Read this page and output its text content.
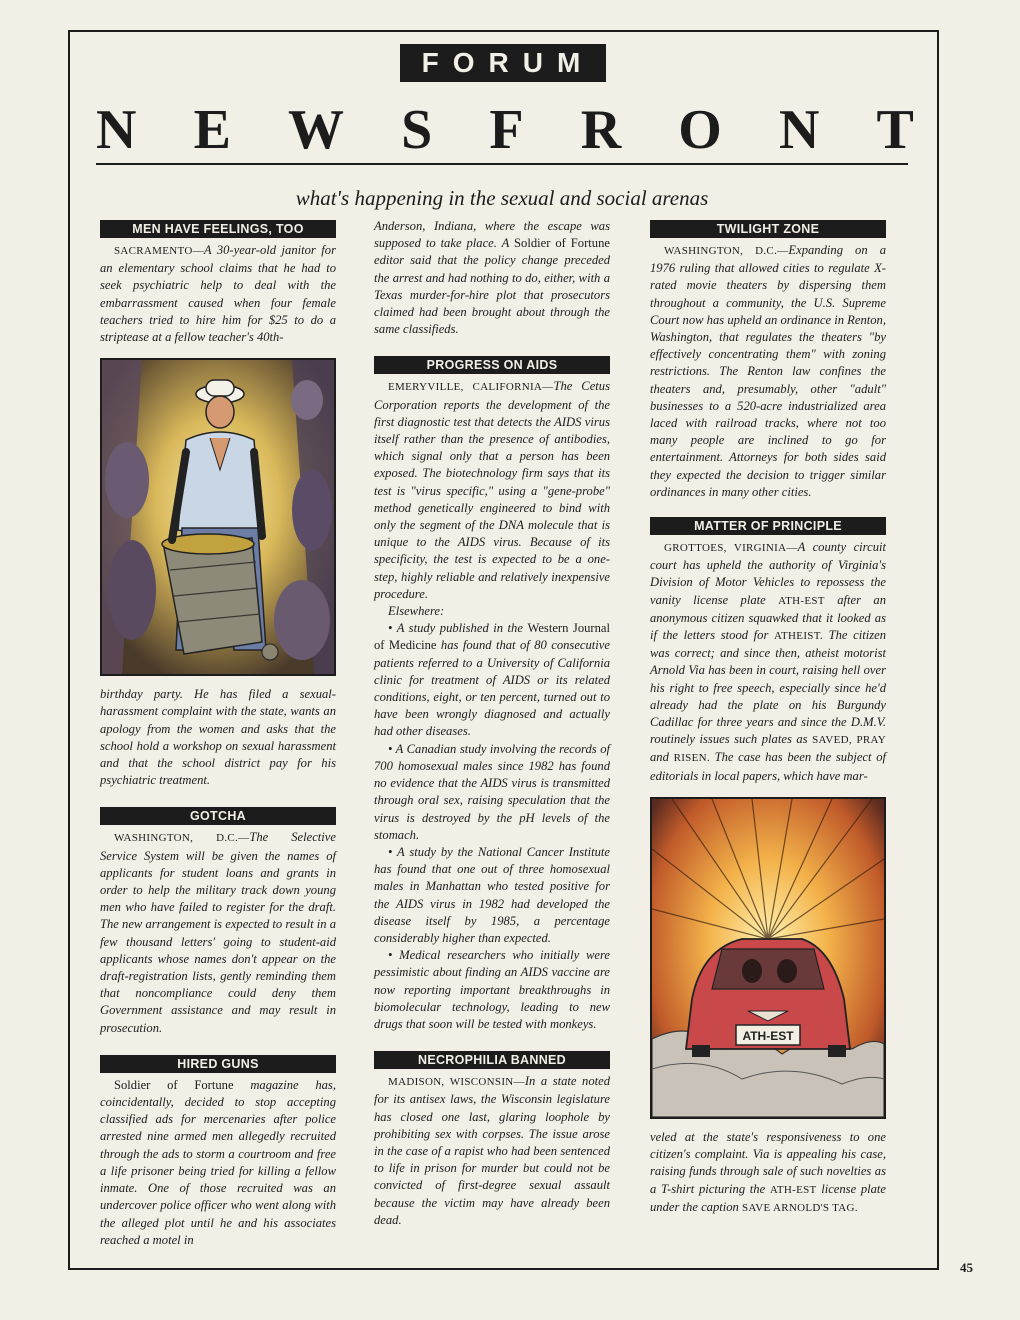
FORUM
N E W S F R O N T
what's happening in the sexual and social arenas
MEN HAVE FEELINGS, TOO

SACRAMENTO—A 30-year-old janitor for an elementary school claims that he had to seek psychiatric help to deal with the embarrassment caused when four female teachers tried to hire him for $25 to do a striptease at a fellow teacher's 40th-

birthday party. He has filed a sexual-harassment complaint with the state, wants an apology from the women and asks that the school hold a workshop on sexual harassment and that the school district pay for his psychiatric treatment.

GOTCHA

WASHINGTON, D.C.—The Selective Service System will be given the names of applicants for student loans and grants in order to help the military track down young men who have failed to register for the draft. The new arrangement is expected to result in a few thousand letters' going to student-aid applicants whose names don't appear on the draft-registration lists, gently reminding them that noncompliance could deny them Government assistance and may result in prosecution.

HIRED GUNS

Soldier of Fortune magazine has, coincidentally, decided to stop accepting classified ads for mercenaries after police arrested nine armed men allegedly recruited through the ads to storm a courtroom and free a life prisoner being tried for killing a fellow inmate. One of those recruited was an undercover police officer who went along with the alleged plot until he and his associates reached a motel in

Anderson, Indiana, where the escape was supposed to take place. A Soldier of Fortune editor said that the policy change preceded the arrest and had nothing to do, either, with a Texas murder-for-hire plot that prosecutors claimed had been brought about through the same classifieds.

PROGRESS ON AIDS

EMERYVILLE, CALIFORNIA—The Cetus Corporation reports the development of the first diagnostic test that detects the AIDS virus itself rather than the presence of antibodies, which signal only that a person has been exposed. The biotechnology firm says that its test is "virus specific," using a "gene-probe" method genetically engineered to bind with only the segment of the DNA molecule that is unique to the AIDS virus. Because of its specificity, the test is expected to be a one-step, highly reliable and relatively inexpensive procedure.

Elsewhere:

• A study published in the Western Journal of Medicine has found that of 80 consecutive patients referred to a University of California clinic for treatment of AIDS or its related conditions, eight, or ten percent, turned out to have been wrongly diagnosed and actually had other diseases.

• A Canadian study involving the records of 700 homosexual males since 1982 has found no evidence that the AIDS virus is transmitted through oral sex, raising speculation that the virus is destroyed by the pH levels of the stomach.

• A study by the National Cancer Institute has found that one out of three homosexual males in Manhattan who tested positive for the AIDS virus in 1982 had developed the disease itself by 1985, a percentage considerably higher than expected.

• Medical researchers who initially were pessimistic about finding an AIDS vaccine are now reporting important breakthroughs in biomolecular technology, leading to new drugs that soon will be tested with monkeys.

NECROPHILIA BANNED

MADISON, WISCONSIN—In a state noted for its antisex laws, the Wisconsin legislature has closed one last, glaring loophole by prohibiting sex with corpses. The issue arose in the case of a rapist who had been sentenced to life in prison for murder but could not be convicted of first-degree sexual assault because the victim may have already been dead.

TWILIGHT ZONE

WASHINGTON, D.C.—Expanding on a 1976 ruling that allowed cities to regulate X-rated movie theaters by dispersing them throughout a community, the U.S. Supreme Court now has upheld an ordinance in Renton, Washington, that regulates the theaters "by effectively concentrating them" with zoning restrictions. The Renton law confines the theaters and, presumably, other "adult" businesses to a 520-acre industrialized area laced with railroad tracks, where not too many people are inclined to go for entertainment. Attorneys for both sides said they expected the decision to trigger similar ordinances in many other cities.

MATTER OF PRINCIPLE

GROTTOES, VIRGINIA—A county circuit court has upheld the authority of Virginia's Division of Motor Vehicles to repossess the vanity license plate ATH-EST after an anonymous citizen squawked that it looked as if the letters stood for ATHEIST. The citizen was correct; and since then, atheist motorist Arnold Via has been in court, raising hell over his right to free speech, especially since he'd already had the plate on his Burgundy Cadillac for three years and since the D.M.V. routinely issues such plates as SAVED, PRAY and RISEN. The case has been the subject of editorials in local papers, which have mar-

ATH-EST

veled at the state's responsiveness to one citizen's complaint. Via is appealing his case, raising funds through sale of such novelties as a T-shirt picturing the ATH-EST license plate under the caption SAVE ARNOLD'S TAG.

45
